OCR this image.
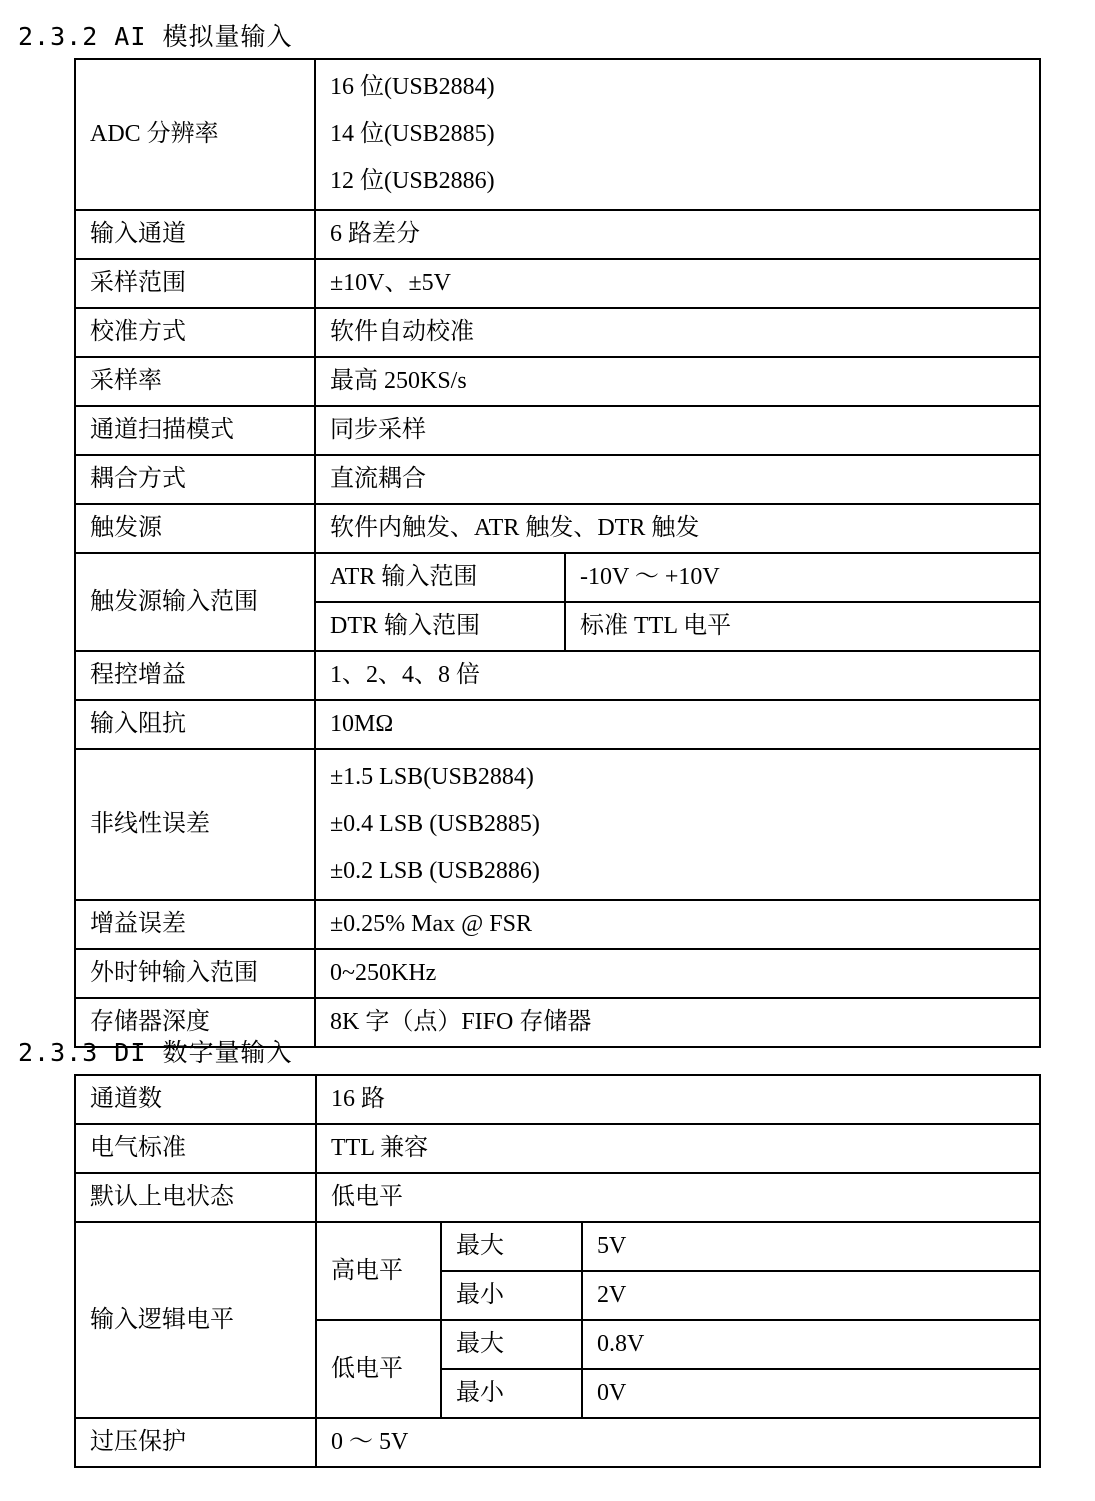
2.3.2 AI 模拟量输入
ADC 分辨率	16 位(USB2884)
14 位(USB2885)
12 位(USB2886)	

输入通道	6 路差分	
采样范围	±10V、±5V	
校准方式	软件自动校准	
采样率	最高 250KS/s	
通道扫描模式	同步采样	
耦合方式	直流耦合	
触发源	软件内触发、ATR 触发、DTR 触发	
触发源输入范围	ATR 输入范围	-10V ～ +10V
	DTR 输入范围	标准 TTL 电平
程控增益	1、2、4、8 倍	
输入阻抗	10MΩ	
非线性误差	±1.5 LSB(USB2884)
±0.4 LSB (USB2885)
±0.2 LSB (USB2886)	

增益误差	±0.25% Max @ FSR	
外时钟输入范围	0~250KHz	
存储器深度	8K 字（点）FIFO 存储器	
2.3.3 DI 数字量输入
通道数	16 路		
电气标准	TTL 兼容		
默认上电状态	低电平		
输入逻辑电平	高电平	最大	5V
		最小	2V
	低电平	最大	0.8V
		最小	0V
过压保护	0 ～ 5V		
